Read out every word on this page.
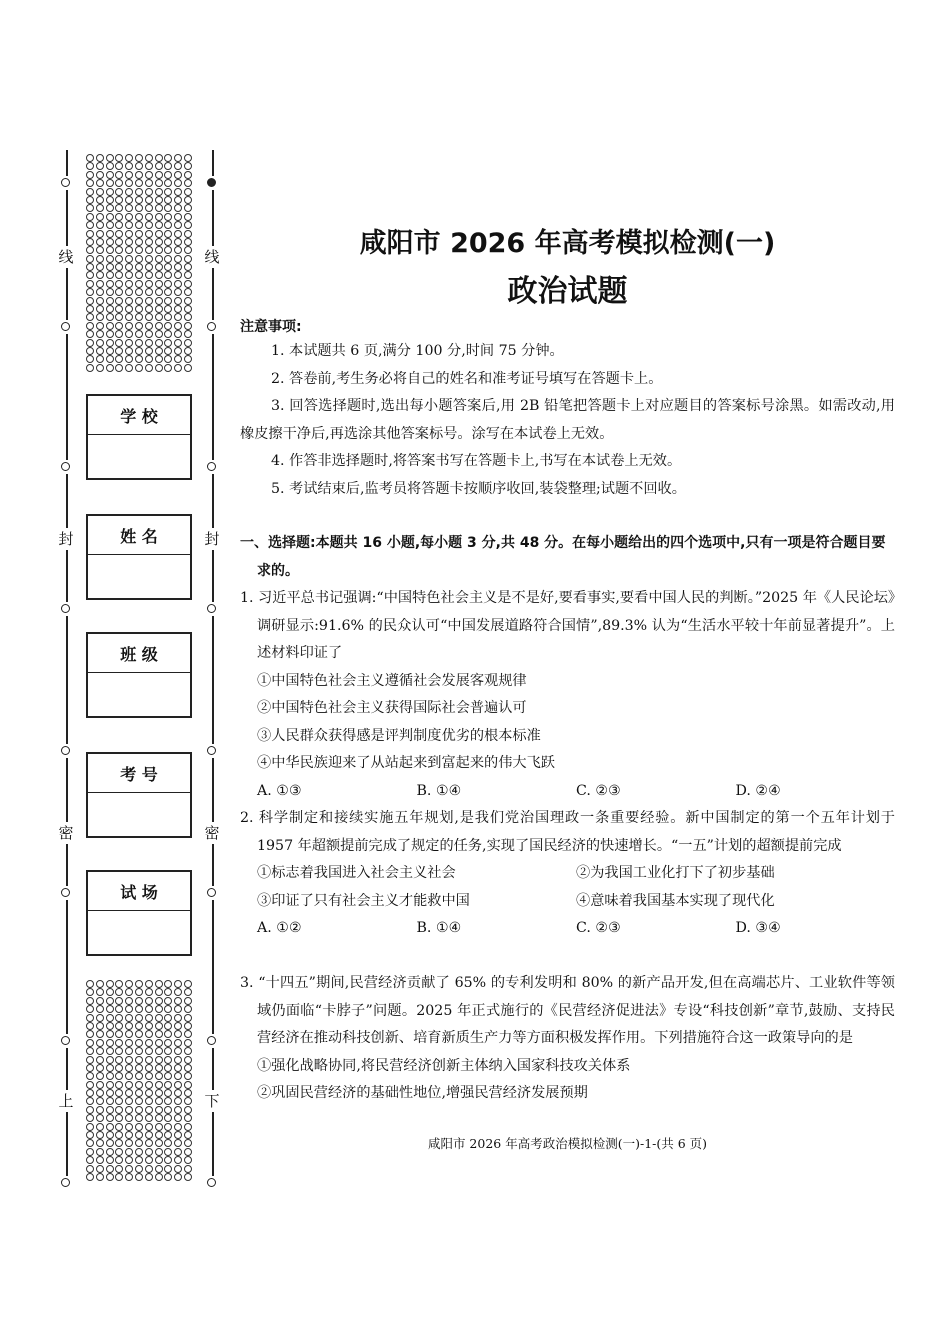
线
封
密
上
线
封
密
下
学 校
姓 名
班 级
考 号
试 场
咸阳市 2026 年高考模拟检测(一)
政治试题
注意事项:

1. 本试题共 6 页,满分 100 分,时间 75 分钟。

2. 答卷前,考生务必将自己的姓名和准考证号填写在答题卡上。

3. 回答选择题时,选出每小题答案后,用 2B 铅笔把答题卡上对应题目的答案标号涂黑。如需改动,用橡皮擦干净后,再选涂其他答案标号。涂写在本试卷上无效。

4. 作答非选择题时,将答案书写在答题卡上,书写在本试卷上无效。

5. 考试结束后,监考员将答题卡按顺序收回,装袋整理;试题不回收。

一、选择题:本题共 16 小题,每小题 3 分,共 48 分。在每小题给出的四个选项中,只有一项是符合题目要求的。

1. 习近平总书记强调:“中国特色社会主义是不是好,要看事实,要看中国人民的判断。”2025 年《人民论坛》调研显示:91.6% 的民众认可“中国发展道路符合国情”,89.3% 认为“生活水平较十年前显著提升”。上述材料印证了

①中国特色社会主义遵循社会发展客观规律

②中国特色社会主义获得国际社会普遍认可

③人民群众获得感是评判制度优劣的根本标准

④中华民族迎来了从站起来到富起来的伟大飞跃

A. ①③	B. ①④	C. ②③	D. ②④

2. 科学制定和接续实施五年规划,是我们党治国理政一条重要经验。新中国制定的第一个五年计划于 1957 年超额提前完成了规定的任务,实现了国民经济的快速增长。“一五”计划的超额提前完成

①标志着我国进入社会主义社会	②为我国工业化打下了初步基础
③印证了只有社会主义才能救中国	④意味着我国基本实现了现代化
A. ①②	B. ①④	C. ②③	D. ③④

3. “十四五”期间,民营经济贡献了 65% 的专利发明和 80% 的新产品开发,但在高端芯片、工业软件等领域仍面临“卡脖子”问题。2025 年正式施行的《民营经济促进法》专设“科技创新”章节,鼓励、支持民营经济在推动科技创新、培育新质生产力等方面积极发挥作用。下列措施符合这一政策导向的是

①强化战略协同,将民营经济创新主体纳入国家科技攻关体系

②巩固民营经济的基础性地位,增强民营经济发展预期

咸阳市 2026 年高考政治模拟检测(一)-1-(共 6 页)
